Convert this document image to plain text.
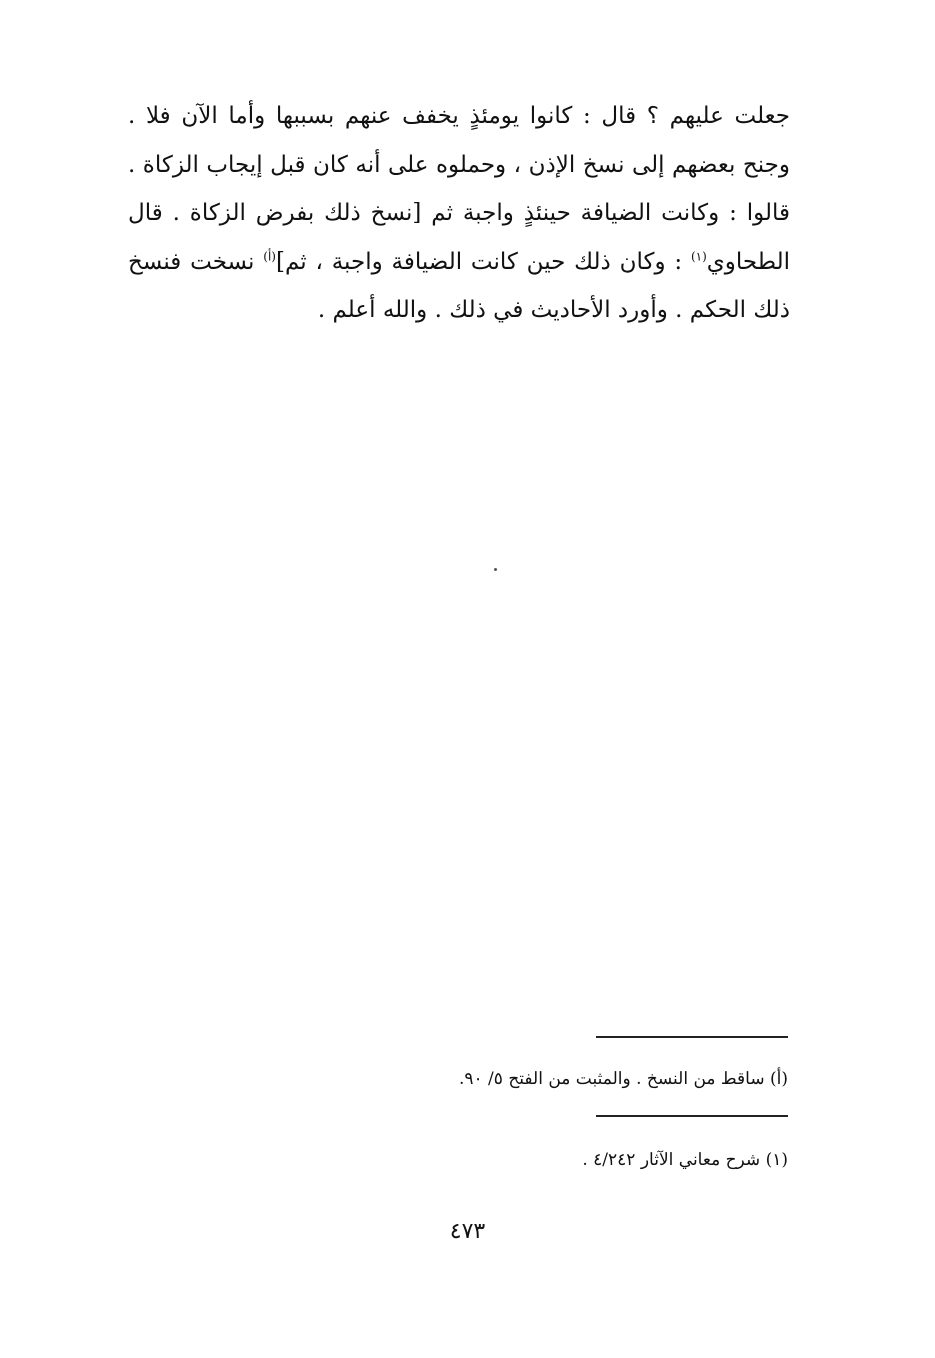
جعلت عليهم ؟ قال : كانوا يومئذٍ يخفف عنهم بسببها وأما الآن فلا .
وجنح بعضهم إلى نسخ الإذن ، وحملوه على أنه كان قبل إيجاب الزكاة .
قالوا : وكانت الضيافة حينئذٍ واجبة ثم [نسخ ذلك بفرض الزكاة . قال
الطحاوي$^{(١)}$ : وكان ذلك حين كانت الضيافة واجبة ، ثم]$^{(أ)}$ نسخت فنسخ
ذلك الحكم . وأورد الأحاديث في ذلك . والله أعلم .
(أ) ساقط من النسخ . والمثبت من الفتح ٥/ ٩٠.
(١) شرح معاني الآثار ٤/٢٤٢ .
٤٧٣
